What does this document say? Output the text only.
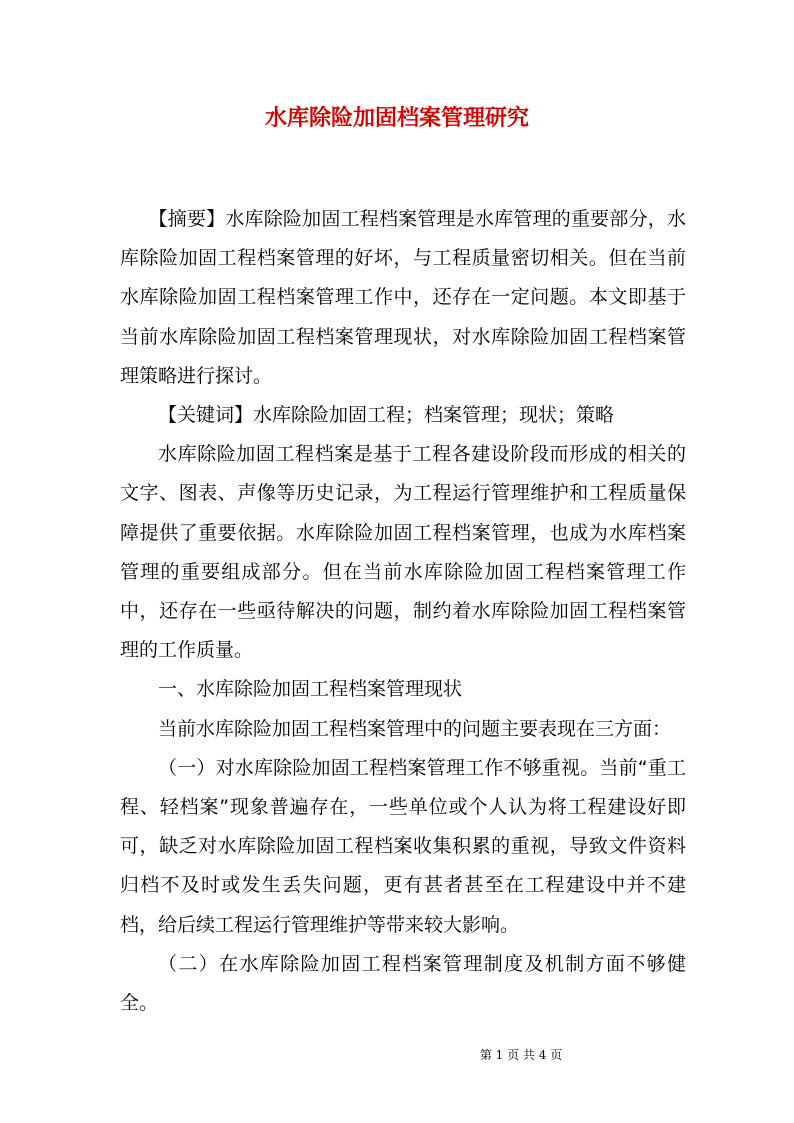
水库除险加固档案管理研究

【摘要】水库除险加固工程档案管理是水库管理的重要部分，水库除险加固工程档案管理的好坏，与工程质量密切相关。但在当前水库除险加固工程档案管理工作中，还存在一定问题。本文即基于当前水库除险加固工程档案管理现状，对水库除险加固工程档案管理策略进行探讨。

【关键词】水库除险加固工程；档案管理；现状；策略

水库除险加固工程档案是基于工程各建设阶段而形成的相关的文字、图表、声像等历史记录，为工程运行管理维护和工程质量保障提供了重要依据。水库除险加固工程档案管理，也成为水库档案管理的重要组成部分。但在当前水库除险加固工程档案管理工作中，还存在一些亟待解决的问题，制约着水库除险加固工程档案管理的工作质量。

一、水库除险加固工程档案管理现状

当前水库除险加固工程档案管理中的问题主要表现在三方面：

（一）对水库除险加固工程档案管理工作不够重视。当前“重工程、轻档案”现象普遍存在，一些单位或个人认为将工程建设好即可，缺乏对水库除险加固工程档案收集积累的重视，导致文件资料归档不及时或发生丢失问题，更有甚者甚至在工程建设中并不建档，给后续工程运行管理维护等带来较大影响。

（二）在水库除险加固工程档案管理制度及机制方面不够健全。

第 1 页 共 4 页
